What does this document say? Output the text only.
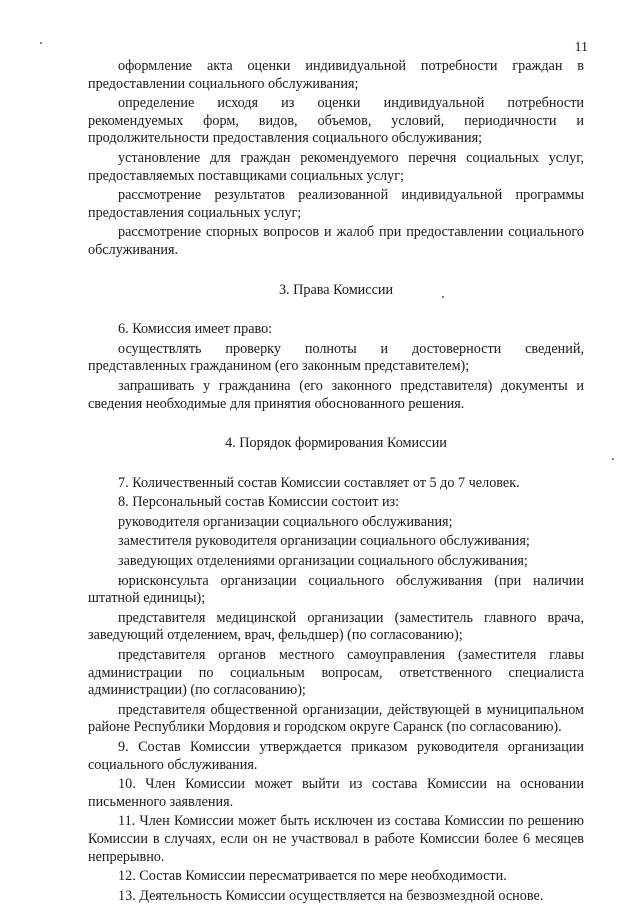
11

оформление акта оценки индивидуальной потребности граждан в предоставлении социального обслуживания;

определение исходя из оценки индивидуальной потребности рекомендуемых форм, видов, объемов, условий, периодичности и продолжительности предоставления социального обслуживания;

установление для граждан рекомендуемого перечня социальных услуг, предоставляемых поставщиками социальных услуг;

рассмотрение результатов реализованной индивидуальной программы предоставления социальных услуг;

рассмотрение спорных вопросов и жалоб при предоставлении социального обслуживания.

3. Права Комиссии

6. Комиссия имеет право:

осуществлять проверку полноты и достоверности сведений, представленных гражданином (его законным представителем);

запрашивать у гражданина (его законного представителя) документы и сведения необходимые для принятия обоснованного решения.

4. Порядок формирования Комиссии

7. Количественный состав Комиссии составляет от 5 до 7 человек.

8. Персональный состав Комиссии состоит из:

руководителя организации социального обслуживания;

заместителя руководителя организации социального обслуживания;

заведующих отделениями организации социального обслуживания;

юрисконсульта организации социального обслуживания (при наличии штатной единицы);

представителя медицинской организации (заместитель главного врача, заведующий отделением, врач, фельдшер) (по согласованию);

представителя органов местного самоуправления (заместителя главы администрации по социальным вопросам, ответственного специалиста администрации) (по согласованию);

представителя общественной организации, действующей в муниципальном районе Республики Мордовия и городском округе Саранск (по согласованию).

9. Состав Комиссии утверждается приказом руководителя организации социального обслуживания.

10. Член Комиссии может выйти из состава Комиссии на основании письменного заявления.

11. Член Комиссии может быть исключен из состава Комиссии по решению Комиссии в случаях, если он не участвовал в работе Комиссии более 6 месяцев непрерывно.

12. Состав Комиссии пересматривается по мере необходимости.

13. Деятельность Комиссии осуществляется на безвозмездной основе.
